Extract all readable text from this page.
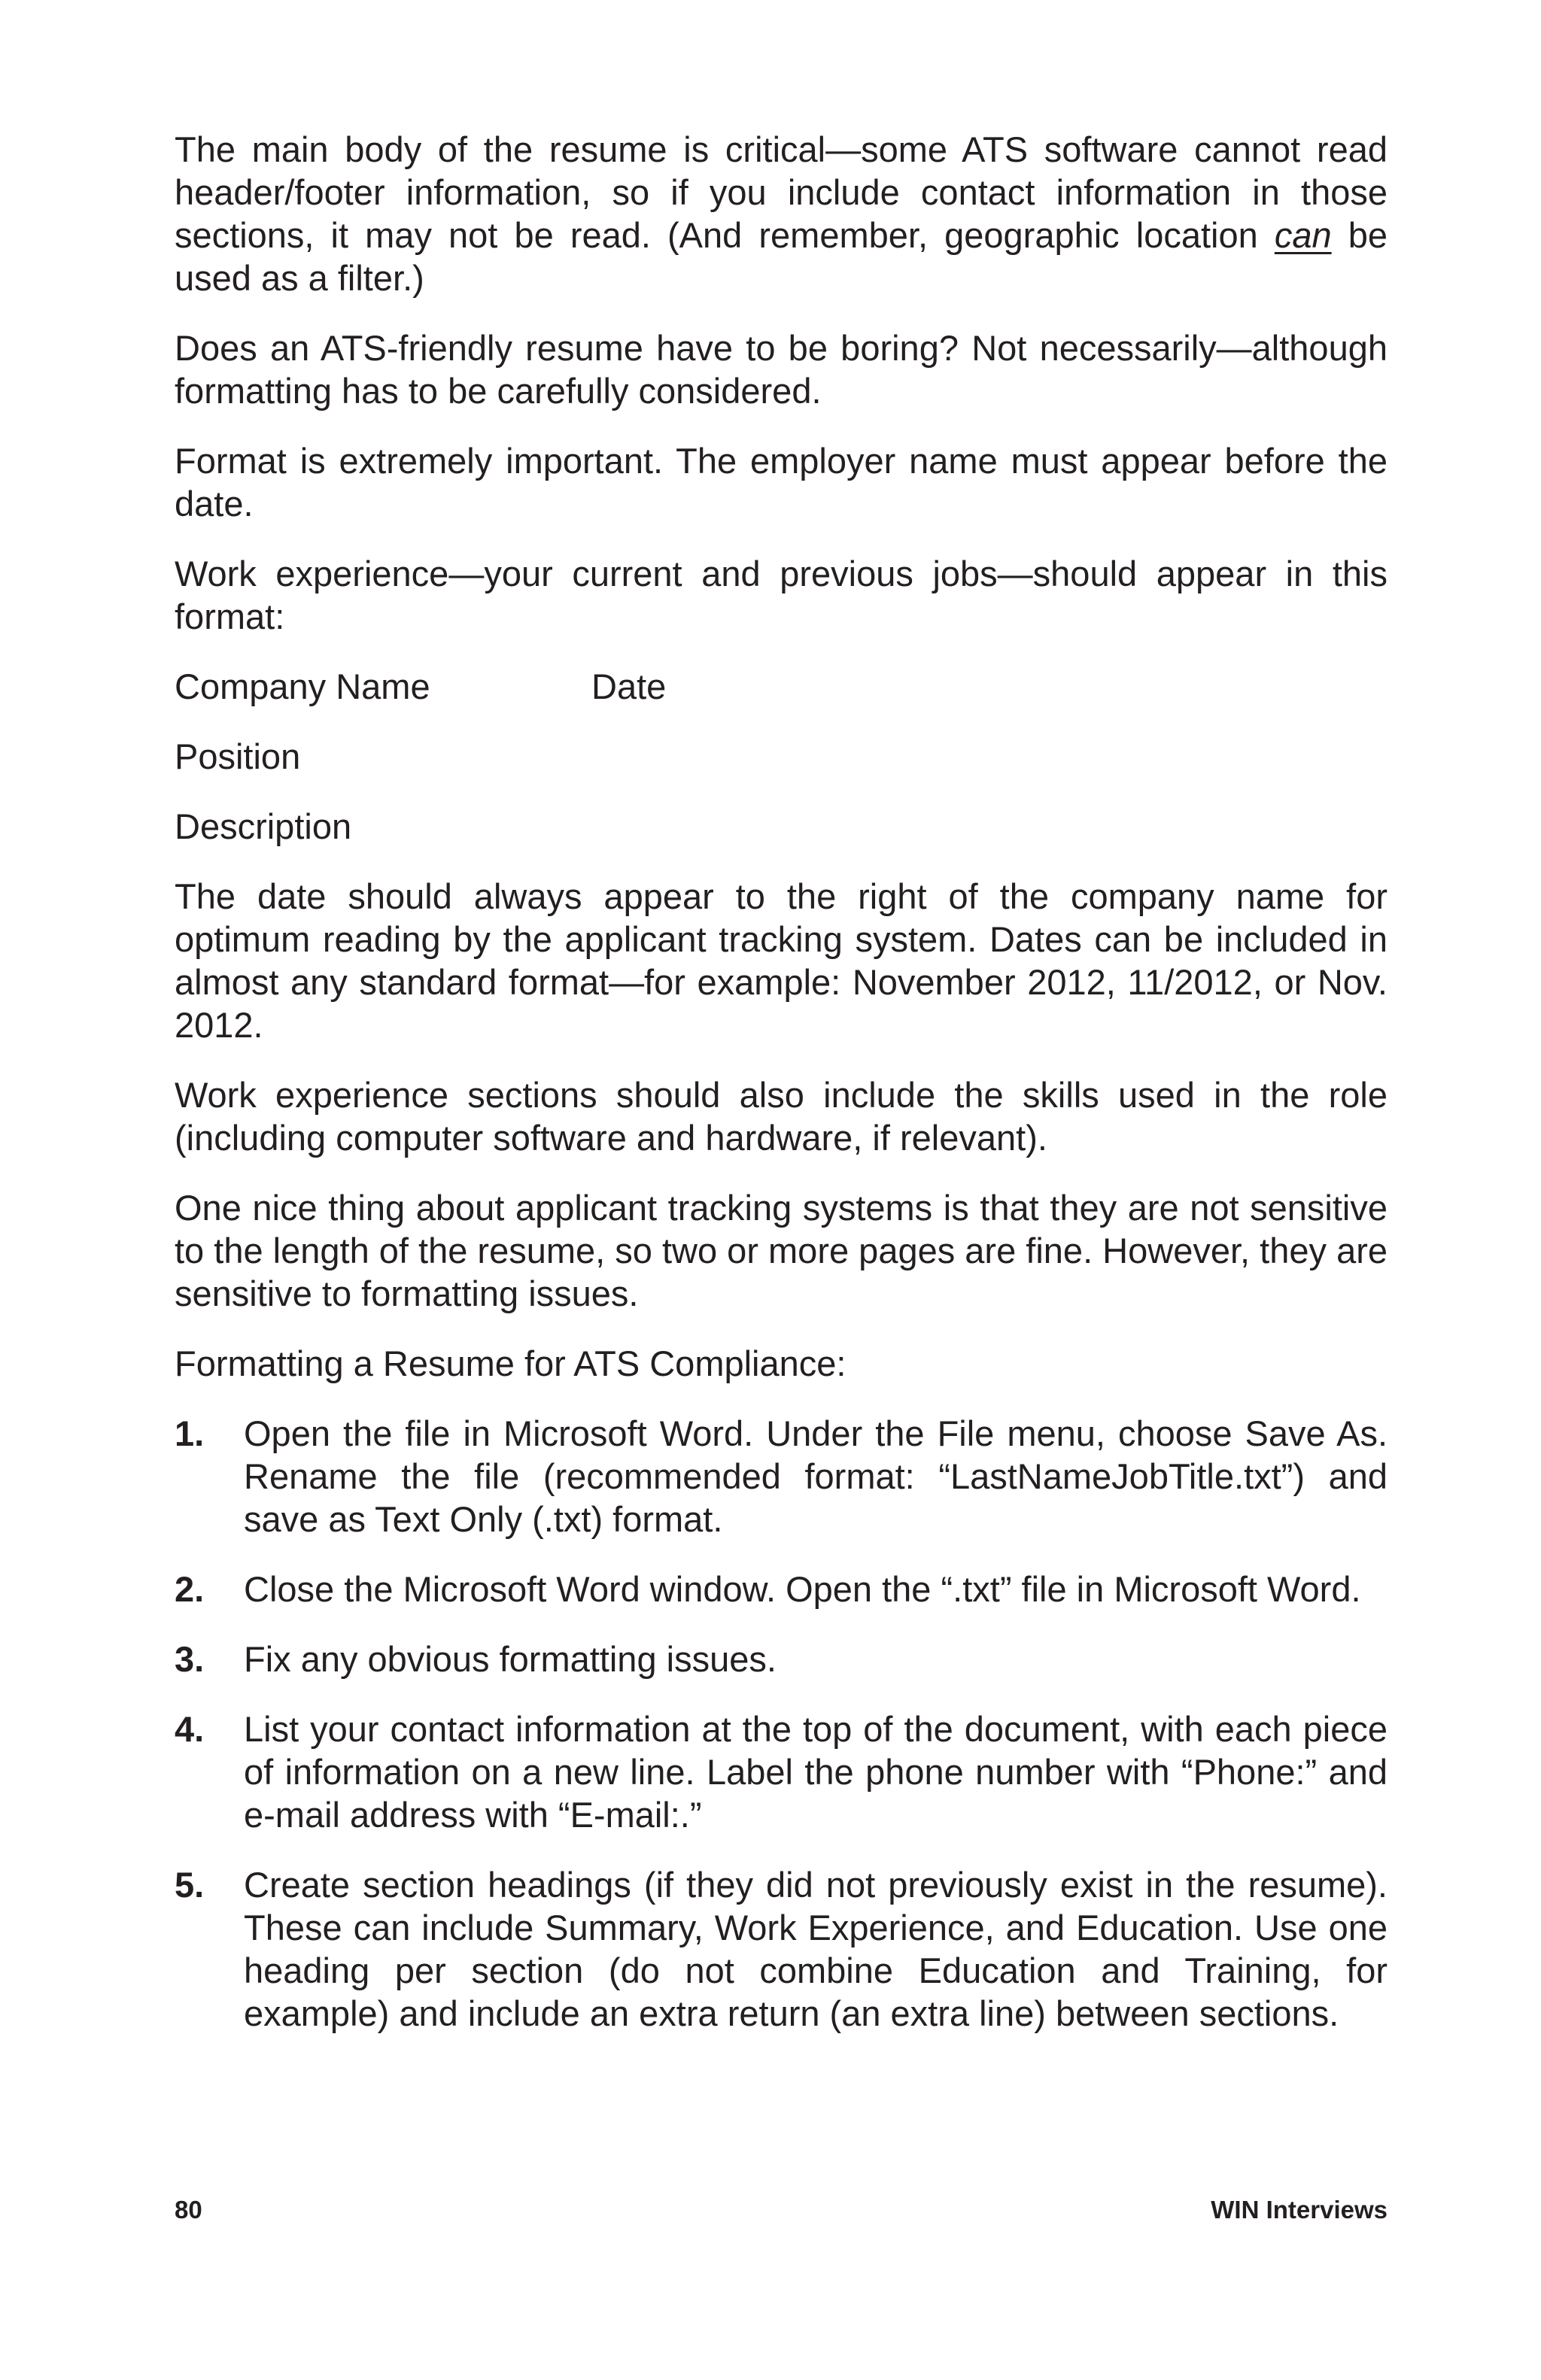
The main body of the resume is critical—some ATS software cannot read header/footer information, so if you include contact information in those sections, it may not be read. (And remember, geographic location can be used as a filter.)

Does an ATS-friendly resume have to be boring? Not necessarily—although formatting has to be carefully considered.

Format is extremely important. The employer name must appear before the date.

Work experience—your current and previous jobs—should appear in this format:

Company Name	Date
Position
Description

The date should always appear to the right of the company name for optimum reading by the applicant tracking system. Dates can be included in almost any standard format—for example: November 2012, 11/2012, or Nov. 2012.

Work experience sections should also include the skills used in the role (including computer software and hardware, if relevant).

One nice thing about applicant tracking systems is that they are not sensitive to the length of the resume, so two or more pages are fine. However, they are sensitive to formatting issues.

Formatting a Resume for ATS Compliance:

1.	Open the file in Microsoft Word. Under the File menu, choose Save As. Rename the file (recommended format: “LastNameJobTitle.txt”) and save as Text Only (.txt) format.
2.	Close the Microsoft Word window. Open the “.txt” file in Microsoft Word.
3.	Fix any obvious formatting issues.
4.	List your contact information at the top of the document, with each piece of information on a new line. Label the phone number with “Phone:” and e-mail address with “E-mail:.”
5.	Create section headings (if they did not previously exist in the resume). These can include Summary, Work Experience, and Education. Use one heading per section (do not combine Education and Training, for example) and include an extra return (an extra line) between sections.
80	WIN Interviews
